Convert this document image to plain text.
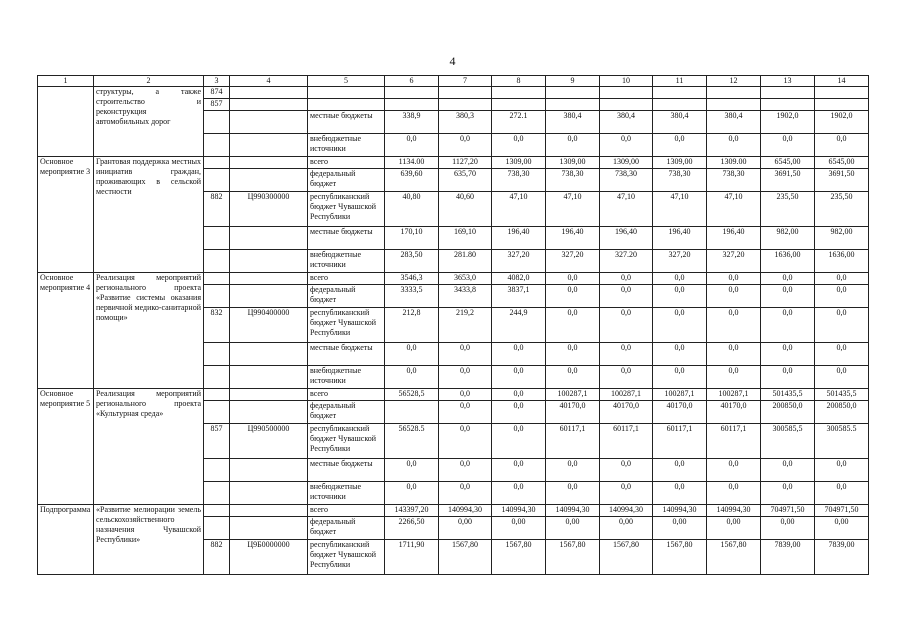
4
1	2	3	4	5	6	7	8	9	10	11	12	13	14
	структуры, а также строительство и реконструкция автомобильных дорог	874											
		857											
				местные бюджеты	338,9	380,3	272.1	380,4	380,4	380,4	380,4	1902,0	1902,0
				внебюджетные источники	0,0	0,0	0,0	0,0	0,0	0,0	0,0	0,0	0,0
Основное мероприятие 3	Грантовая поддержка местных инициатив граждан, проживающих в сельской местности			всего	1134.00	1127,20	1309,00	1309,00	1309,00	1309,00	1309.00	6545,00	6545,00
				федеральный бюджет	639,60	635,70	738,30	738,30	738,30	738,30	738,30	3691,50	3691,50
		882	Ц990300000	республиканский бюджет Чувашской Республики	40,80	40,60	47,10	47,10	47,10	47,10	47,10	235,50	235,50
				местные бюджеты	170,10	169,10	196,40	196,40	196,40	196,40	196,40	982,00	982,00
				внебюджетные источники	283,50	281.80	327,20	327,20	327.20	327,20	327,20	1636,00	1636,00
Основное мероприятие 4	Реализация мероприятий регионального проекта «Развитие системы оказания первичной медико-санитарной помощи»			всего	3546,3	3653,0	4082,0	0,0	0,0	0,0	0,0	0,0	0,0
				федеральный бюджет	3333,5	3433,8	3837,1	0,0	0,0	0,0	0,0	0,0	0,0
		832	Ц990400000	республиканский бюджет Чувашской Республики	212,8	219,2	244,9	0,0	0,0	0,0	0,0	0,0	0,0
				местные бюджеты	0,0	0,0	0,0	0,0	0,0	0,0	0,0	0,0	0,0
				внебюджетные источники	0,0	0,0	0,0	0,0	0,0	0,0	0,0	0,0	0,0
Основное мероприятие 5	Реализация мероприятий регионального проекта «Культурная среда»			всего	56528,5	0,0	0,0	100287,1	100287,1	100287,1	100287,1	501435,5	501435,5
				федеральный бюджет		0,0	0,0	40170,0	40170,0	40170,0	40170,0	200850,0	200850,0
		857	Ц990500000	республиканский бюджет Чувашской Республики	56528.5	0,0	0,0	60117,1	60117,1	60117,1	60117,1	300585,5	300585.5
				местные бюджеты	0,0	0,0	0,0	0,0	0,0	0,0	0,0	0,0	0,0
				внебюджетные источники	0,0	0,0	0,0	0,0	0,0	0,0	0,0	0,0	0,0
Подпрограмма	«Развитие мелиорации земель сельскохозяйственного назначения Чувашской Республики»			всего	143397,20	140994,30	140994,30	140994,30	140994,30	140994,30	140994,30	704971,50	704971,50
				федеральный бюджет	2266,50	0,00	0,00	0,00	0,00	0,00	0,00	0,00	0,00
		882	Ц9Б0000000	республиканский бюджет Чувашской Республики	1711,90	1567,80	1567,80	1567,80	1567,80	1567,80	1567,80	7839,00	7839,00
